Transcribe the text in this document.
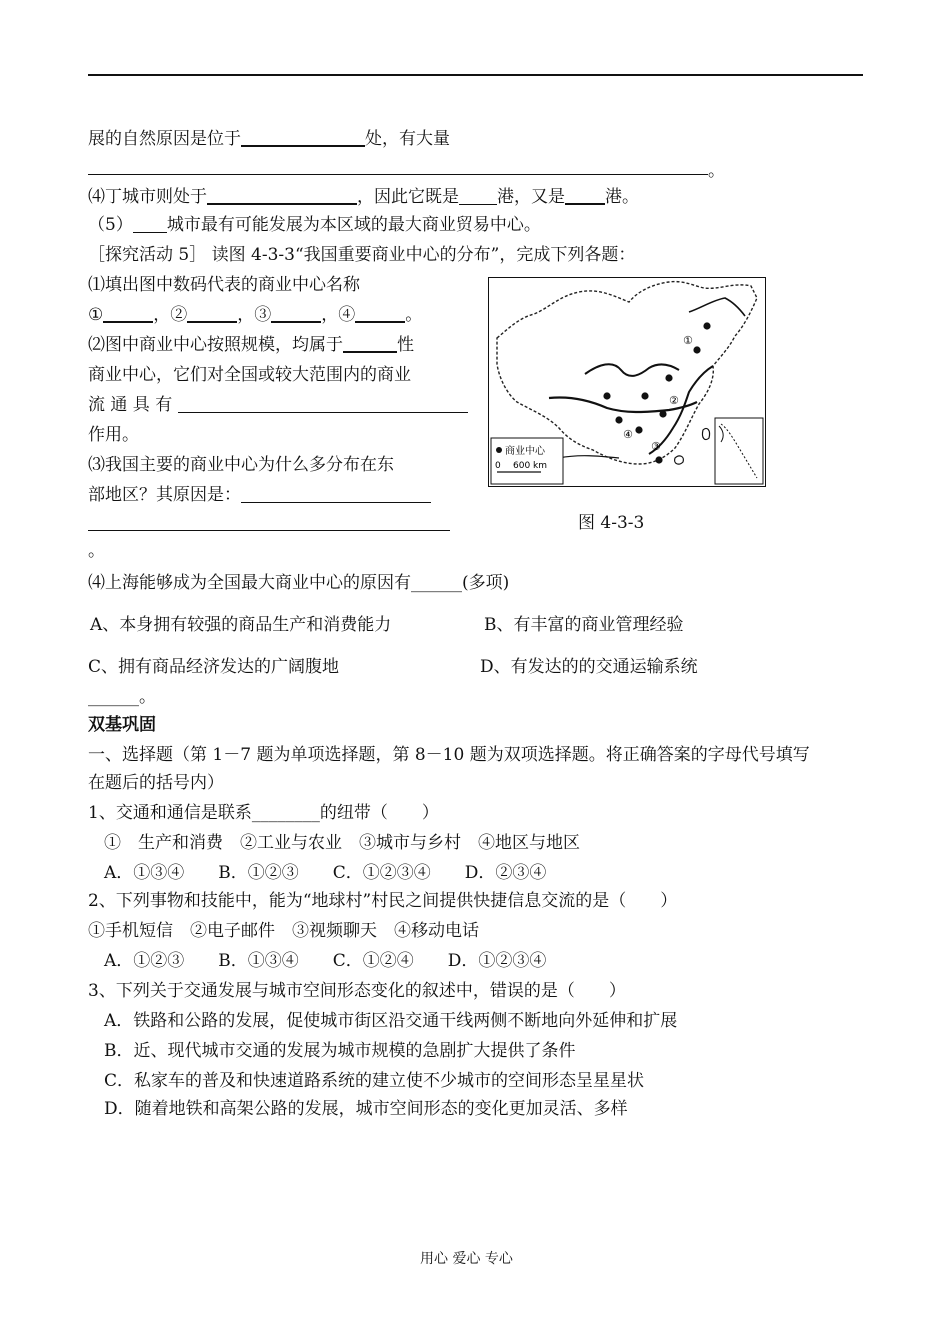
展的自然原因是位于	处，有大量
。
⑷丁城市则处于	，因此它既是 港，又是 港。
（5） 城市最有可能发展为本区域的最大商业贸易中心。
［探究活动 5］ 读图 4-3-3“我国重要商业中心的分布”，完成下列各题：
⑴填出图中数码代表的商业中心名称
①	，②	，③	，④	。
⑵图中商业中心按照规模，均属于	性
商业中心，它们对全国或较大范围内的商业
流 通 具 有
作用。
⑶我国主要的商业中心为什么多分布在东
部地区？其原因是：
。
①
②
③
④
商业中心
0 600 km
图 4-3-3
⑷上海能够成为全国最大商业中心的原因有______(多项)
A、本身拥有较强的商品生产和消费能力	B、有丰富的商业管理经验
C、拥有商品经济发达的广阔腹地	D、有发达的的交通运输系统
______。
双基巩固
一、选择题（第 1－7 题为单项选择题，第 8－10 题为双项选择题。将正确答案的字母代号填写
在题后的括号内）
1、交通和通信是联系________的纽带（　　）
①　生产和消费　②工业与农业　③城市与乡村　④地区与地区
A．①③④　　B．①②③　　C．①②③④　　D．②③④
2、下列事物和技能中，能为“地球村”村民之间提供快捷信息交流的是（　　）
①手机短信　②电子邮件　③视频聊天　④移动电话
A．①②③　　B．①③④　　C．①②④　　D．①②③④
3、下列关于交通发展与城市空间形态变化的叙述中，错误的是（　　）
A．铁路和公路的发展，促使城市街区沿交通干线两侧不断地向外延伸和扩展
B．近、现代城市交通的发展为城市规模的急剧扩大提供了条件
C．私家车的普及和快速道路系统的建立使不少城市的空间形态呈星星状
D．随着地铁和高架公路的发展，城市空间形态的变化更加灵活、多样
用心 爱心 专心
